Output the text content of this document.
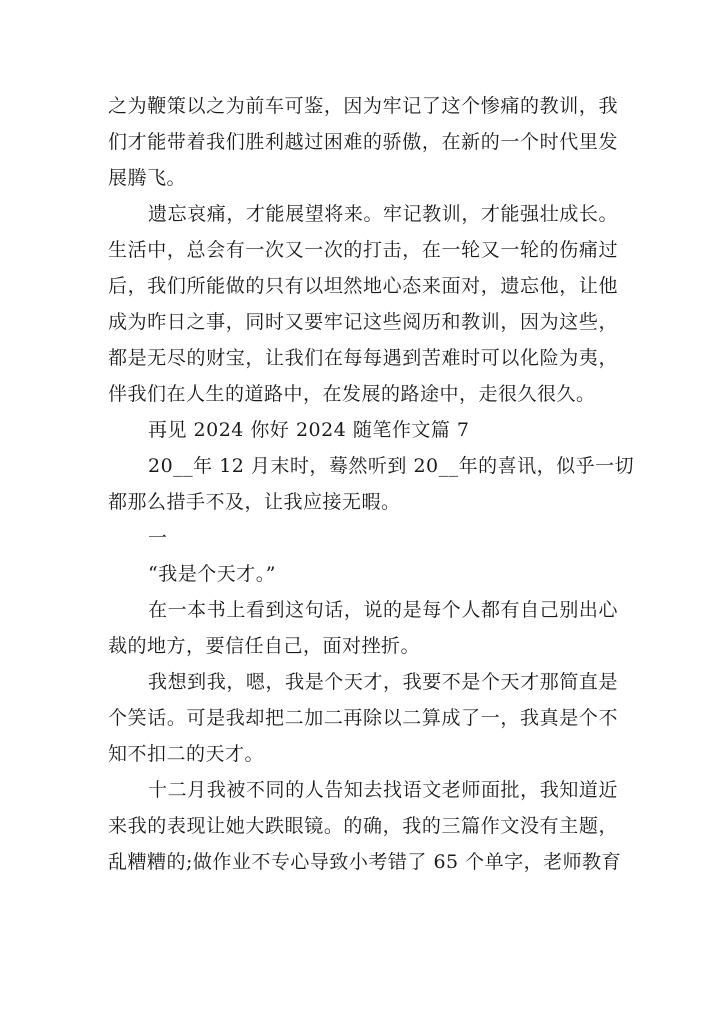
之为鞭策以之为前车可鉴，因为牢记了这个惨痛的教训，我
们才能带着我们胜利越过困难的骄傲，在新的一个时代里发
展腾飞。
遗忘哀痛，才能展望将来。牢记教训，才能强壮成长。
生活中，总会有一次又一次的打击，在一轮又一轮的伤痛过
后，我们所能做的只有以坦然地心态来面对，遗忘他，让他
成为昨日之事，同时又要牢记这些阅历和教训，因为这些，
都是无尽的财宝，让我们在每每遇到苦难时可以化险为夷，
伴我们在人生的道路中，在发展的路途中，走很久很久。
再见 2024 你好 2024 随笔作文篇 7
20__年 12 月末时，蓦然听到 20__年的喜讯，似乎一切
都那么措手不及，让我应接无暇。
一
“我是个天才。”
在一本书上看到这句话，说的是每个人都有自己别出心
裁的地方，要信任自己，面对挫折。
我想到我，嗯，我是个天才，我要不是个天才那简直是
个笑话。可是我却把二加二再除以二算成了一，我真是个不
知不扣二的天才。
十二月我被不同的人告知去找语文老师面批，我知道近
来我的表现让她大跌眼镜。的确，我的三篇作文没有主题，
乱糟糟的;做作业不专心导致小考错了 65 个单字，老师教育
